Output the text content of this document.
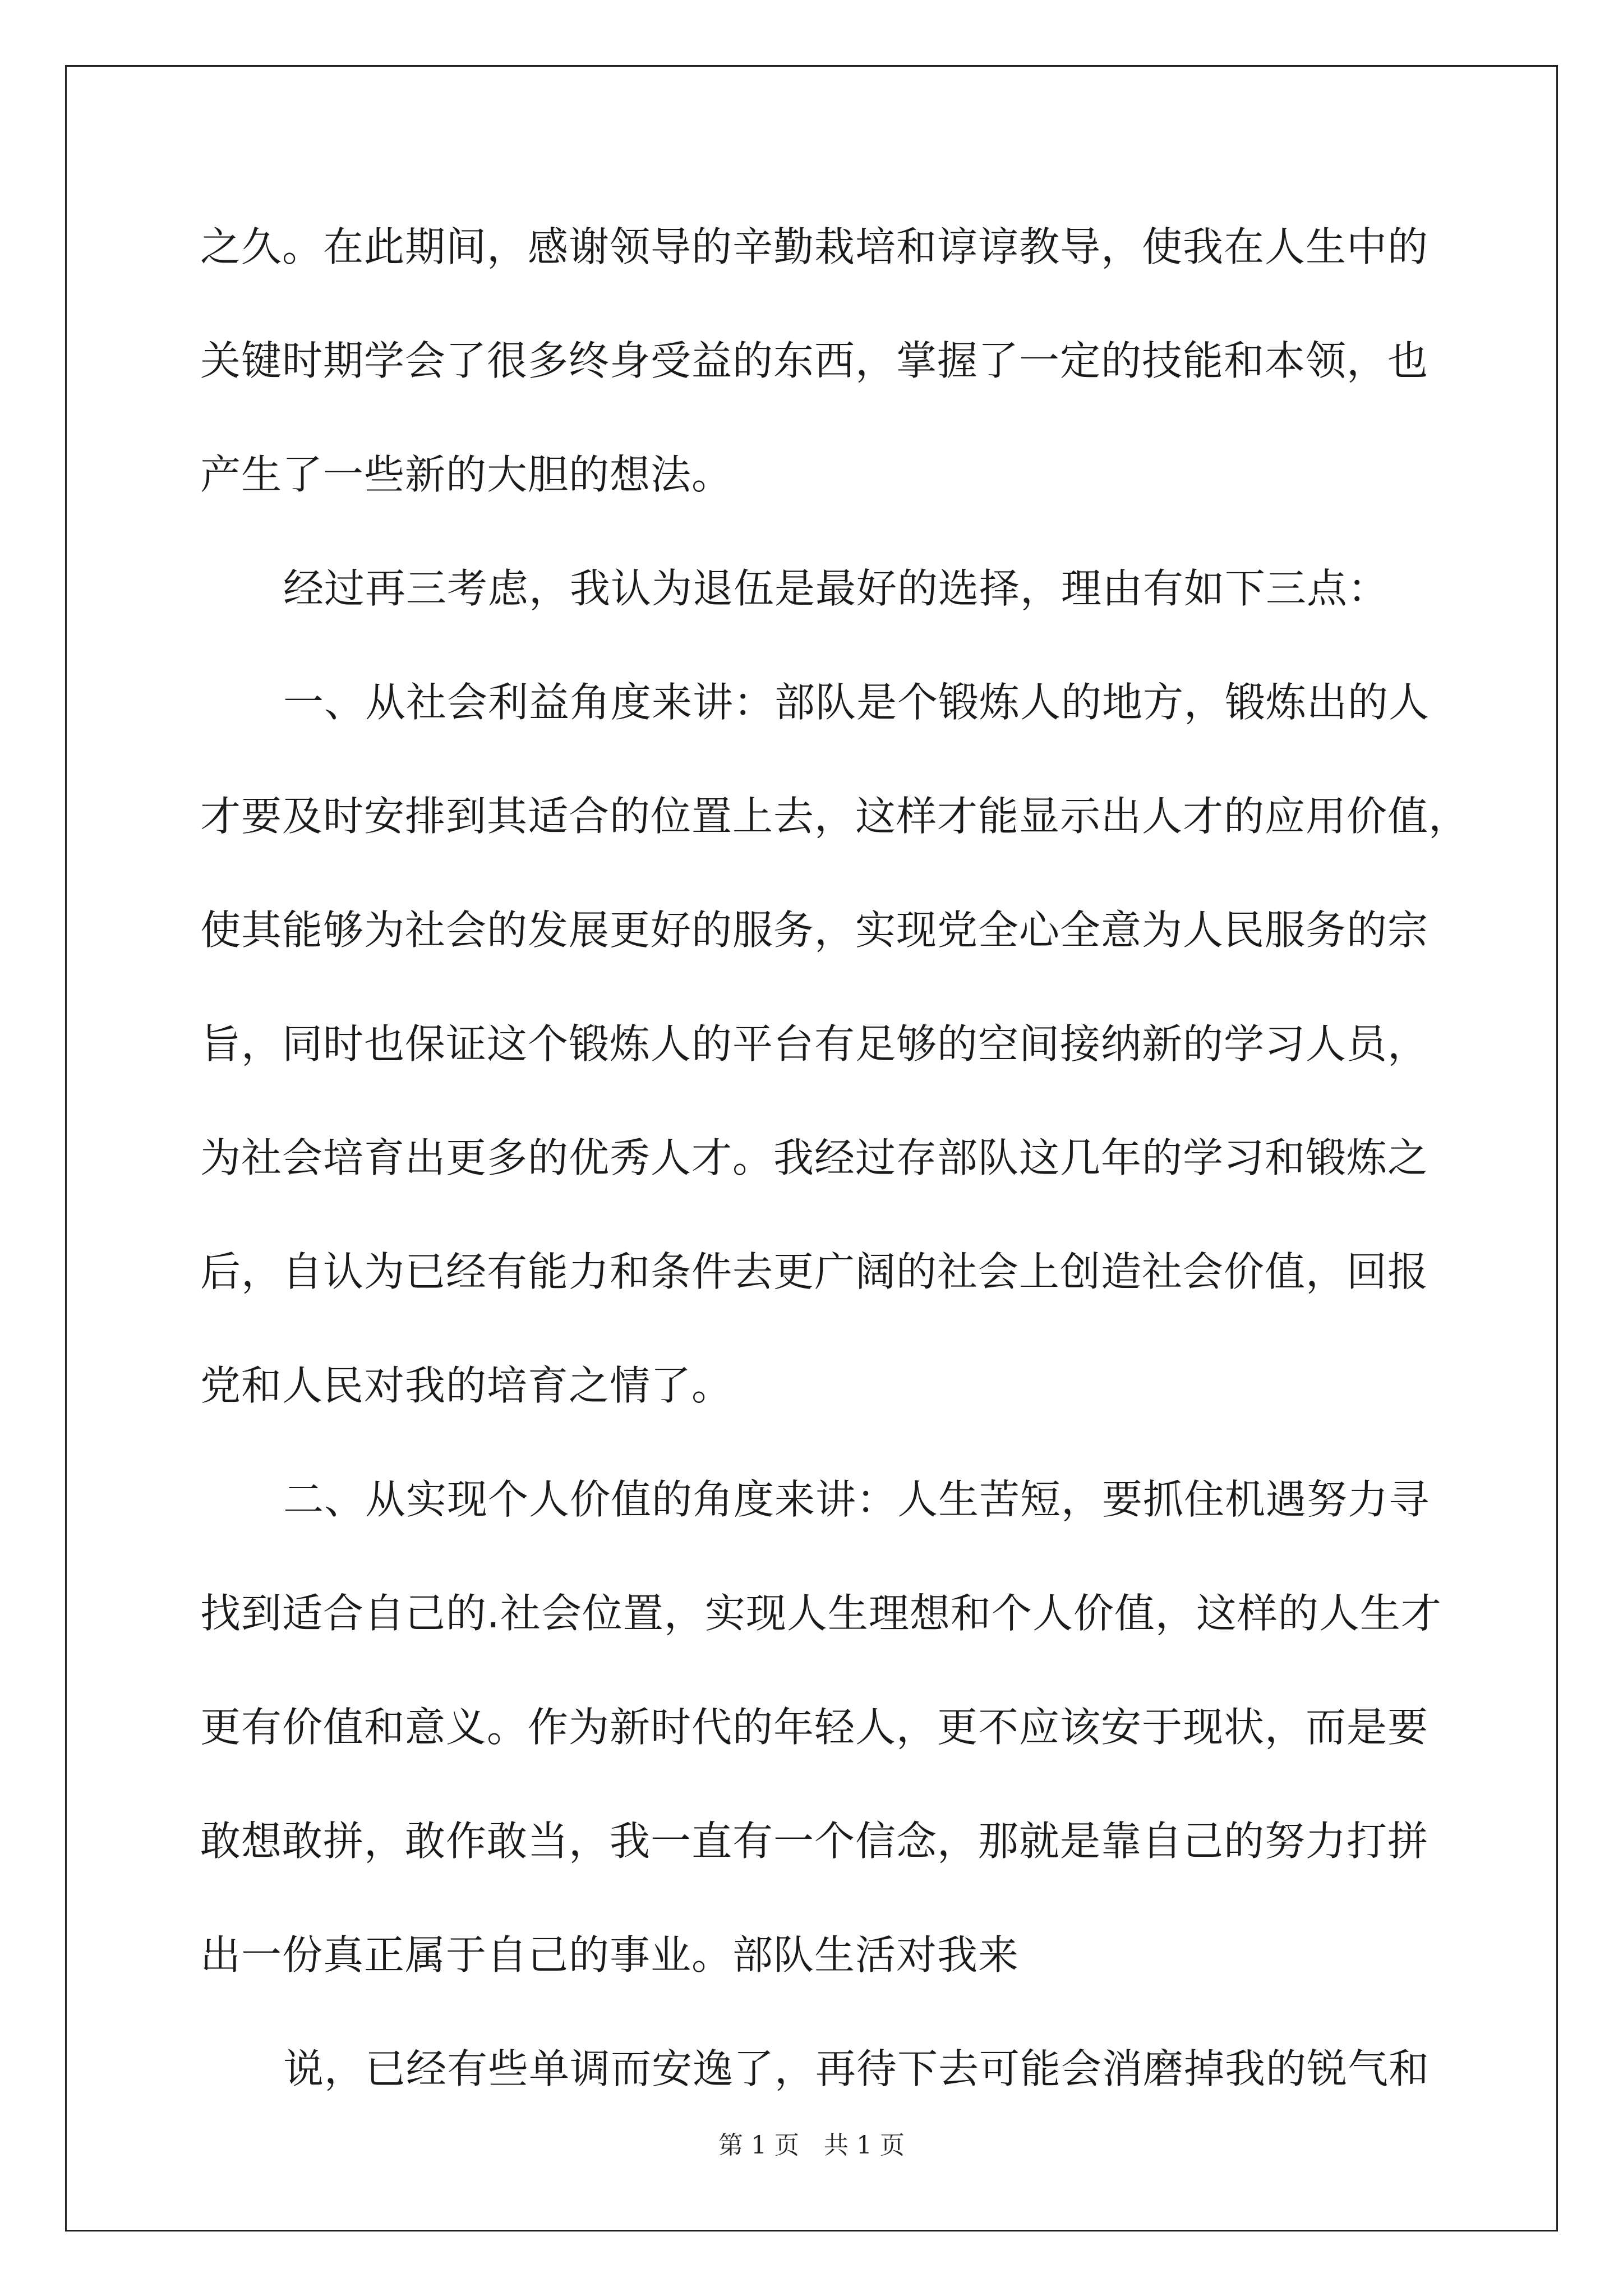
之久。在此期间，感谢领导的辛勤栽培和谆谆教导，使我在人生中的

关键时期学会了很多终身受益的东西，掌握了一定的技能和本领，也

产生了一些新的大胆的想法。

经过再三考虑，我认为退伍是最好的选择，理由有如下三点：

一、从社会利益角度来讲：部队是个锻炼人的地方，锻炼出的人

才要及时安排到其适合的位置上去，这样才能显示出人才的应用价值，

使其能够为社会的发展更好的服务，实现党全心全意为人民服务的宗

旨，同时也保证这个锻炼人的平台有足够的空间接纳新的学习人员，

为社会培育出更多的优秀人才。我经过存部队这几年的学习和锻炼之

后，自认为已经有能力和条件去更广阔的社会上创造社会价值，回报

党和人民对我的培育之情了。

二、从实现个人价值的角度来讲：人生苦短，要抓住机遇努力寻

找到适合自己的.社会位置，实现人生理想和个人价值，这样的人生才

更有价值和意义。作为新时代的年轻人，更不应该安于现状，而是要

敢想敢拼，敢作敢当，我一直有一个信念，那就是靠自己的努力打拼

出一份真正属于自己的事业。部队生活对我来

说，已经有些单调而安逸了，再待下去可能会消磨掉我的锐气和

第 1 页　共 1 页
